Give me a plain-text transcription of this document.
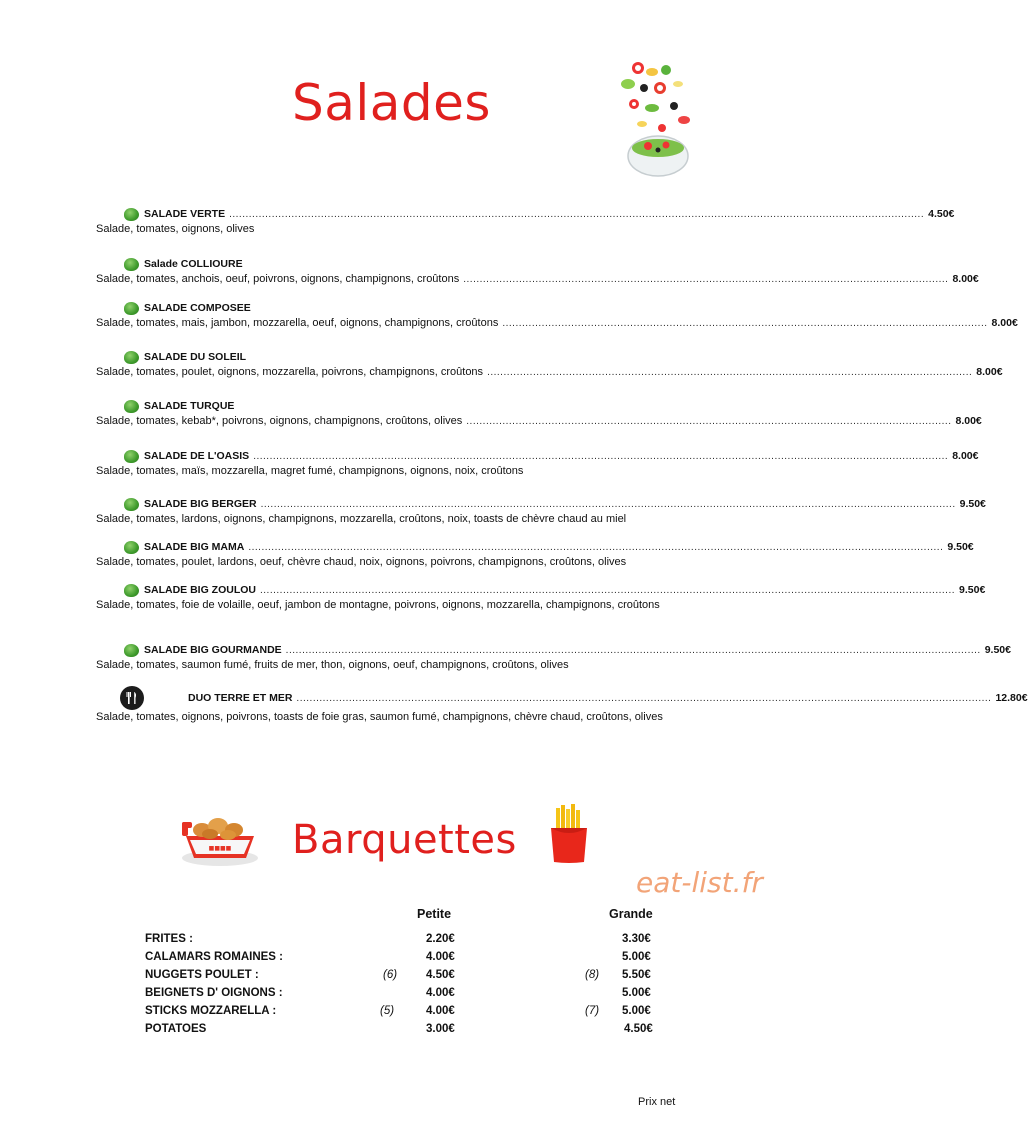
Salades
SALADE VERTE .................................................................................................................................................................................................................... 4.50€
Salade, tomates, oignons, olives
Salade COLLIOURE
Salade, tomates, anchois, oeuf, poivrons, oignons, champignons, croûtons .................................................................................................................................................... 8.00€
SALADE COMPOSEE
Salade, tomates, mais, jambon, mozzarella, oeuf, oignons, champignons, croûtons .................................................................................................................................................... 8.00€
SALADE DU SOLEIL
Salade, tomates, poulet, oignons, mozzarella, poivrons, champignons, croûtons .................................................................................................................................................... 8.00€
SALADE TURQUE
Salade, tomates, kebab*, poivrons, oignons, champignons, croûtons, olives .................................................................................................................................................... 8.00€
SALADE DE L'OASIS .................................................................................................................................................................................................................... 8.00€
Salade, tomates, maïs, mozzarella, magret fumé, champignons, oignons, noix, croûtons
SALADE BIG BERGER .................................................................................................................................................................................................................... 9.50€
Salade, tomates, lardons, oignons, champignons, mozzarella, croûtons, noix, toasts de chèvre chaud au miel
SALADE BIG MAMA .................................................................................................................................................................................................................... 9.50€
Salade, tomates, poulet, lardons, oeuf, chèvre chaud, noix, oignons, poivrons, champignons, croûtons, olives
SALADE BIG ZOULOU .................................................................................................................................................................................................................... 9.50€
Salade, tomates, foie de volaille, oeuf, jambon de montagne, poivrons, oignons, mozzarella, champignons, croûtons
SALADE BIG GOURMANDE .................................................................................................................................................................................................................... 9.50€
Salade, tomates, saumon fumé, fruits de mer, thon, oignons, oeuf, champignons, croûtons, olives
DUO TERRE ET MER .................................................................................................................................................................................................................... 12.80€
Salade, tomates, oignons, poivrons, toasts de foie gras, saumon fumé, champignons, chèvre chaud, croûtons, olives
■■■■ Barquettes
eat-list.fr
Petite	Grande
FRITES :	2.20€	3.30€
CALAMARS ROMAINES :	4.00€	5.00€
NUGGETS POULET :	(6)	4.50€	(8) 5.50€
BEIGNETS D' OIGNONS :	4.00€	5.00€
STICKS MOZZARELLA :	(5)	4.00€	(7) 5.00€
POTATOES	3.00€	4.50€
Prix net
